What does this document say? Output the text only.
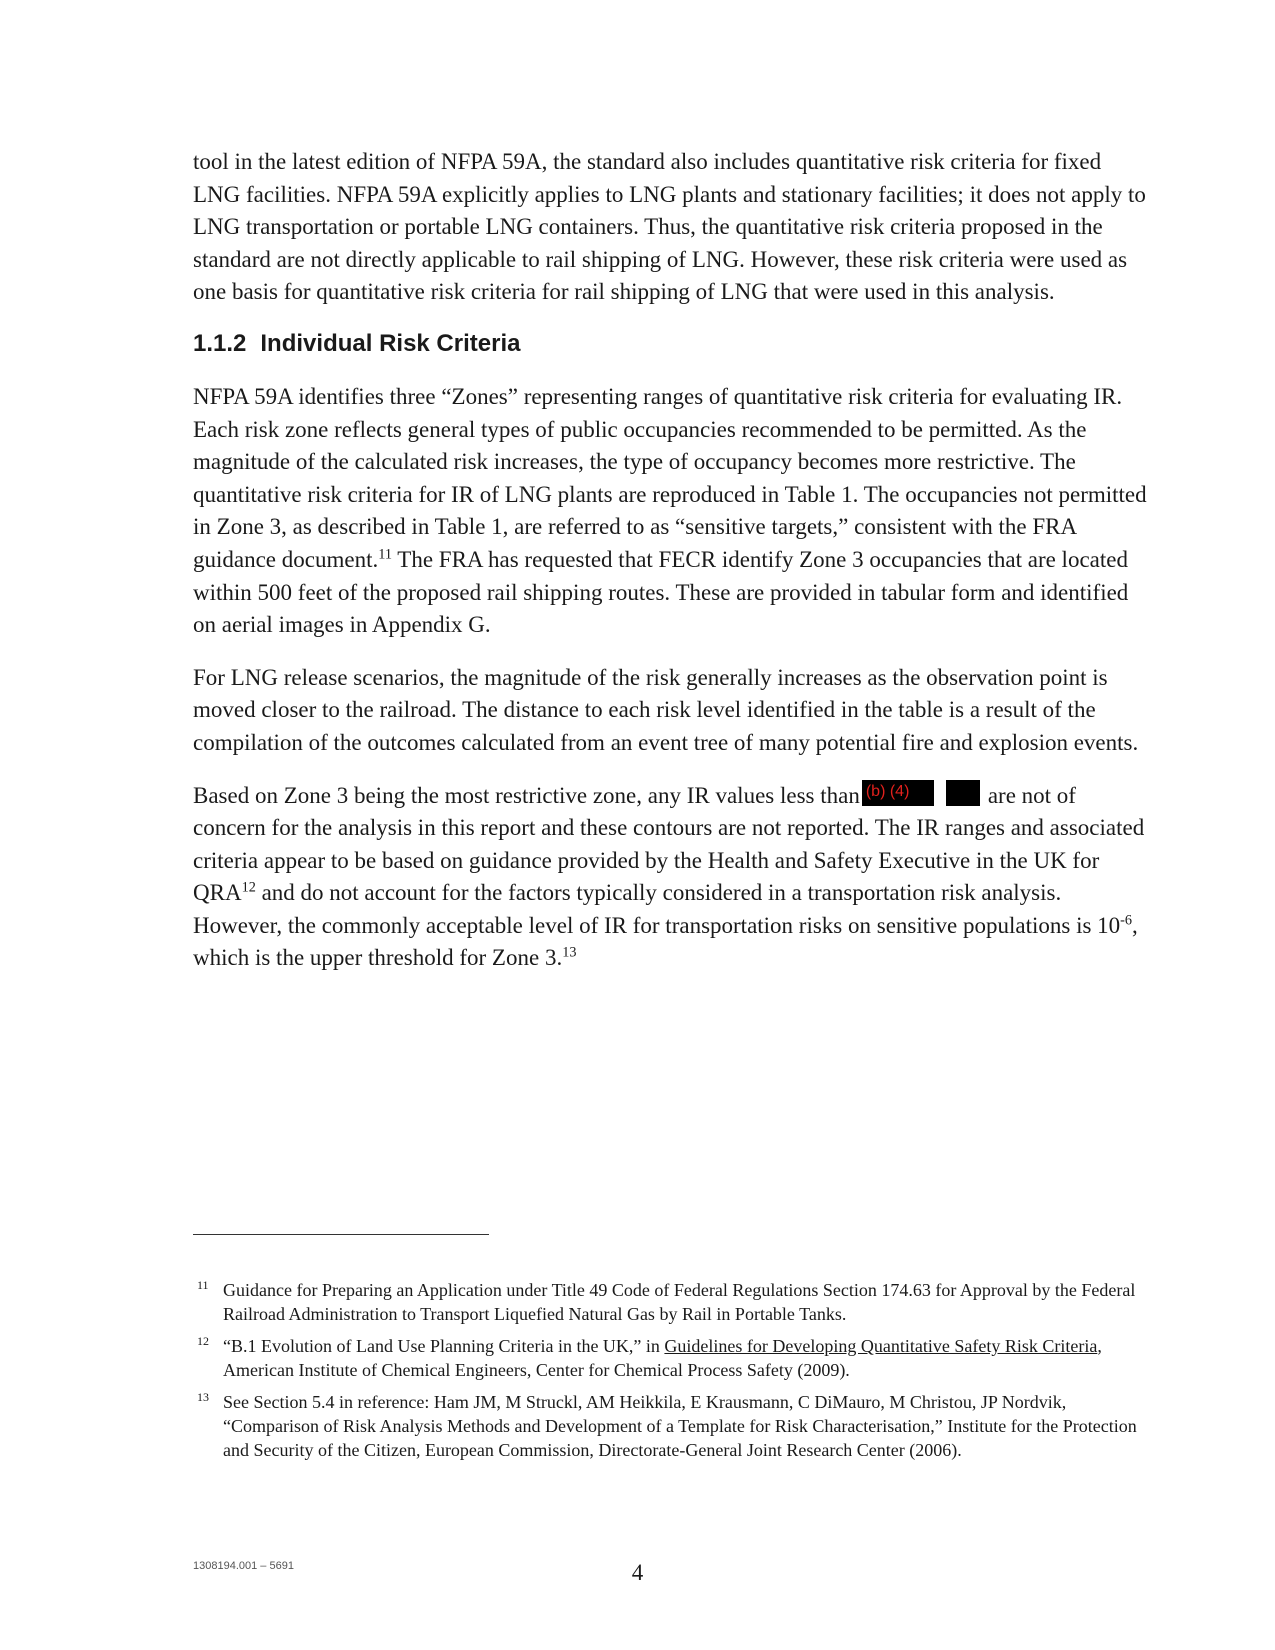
tool in the latest edition of NFPA 59A, the standard also includes quantitative risk criteria for fixed LNG facilities. NFPA 59A explicitly applies to LNG plants and stationary facilities; it does not apply to LNG transportation or portable LNG containers. Thus, the quantitative risk criteria proposed in the standard are not directly applicable to rail shipping of LNG. However, these risk criteria were used as one basis for quantitative risk criteria for rail shipping of LNG that were used in this analysis.

1.1.2 Individual Risk Criteria

NFPA 59A identifies three “Zones” representing ranges of quantitative risk criteria for evaluating IR. Each risk zone reflects general types of public occupancies recommended to be permitted. As the magnitude of the calculated risk increases, the type of occupancy becomes more restrictive. The quantitative risk criteria for IR of LNG plants are reproduced in Table 1. The occupancies not permitted in Zone 3, as described in Table 1, are referred to as “sensitive targets,” consistent with the FRA guidance document.$^{11}$ The FRA has requested that FECR identify Zone 3 occupancies that are located within 500 feet of the proposed rail shipping routes. These are provided in tabular form and identified on aerial images in Appendix G.

For LNG release scenarios, the magnitude of the risk generally increases as the observation point is moved closer to the railroad. The distance to each risk level identified in the table is a result of the compilation of the outcomes calculated from an event tree of many potential fire and explosion events.

Based on Zone 3 being the most restrictive zone, any IR values less than (b) (4)	are not of concern for the analysis in this report and these contours are not reported. The IR ranges and associated criteria appear to be based on guidance provided by the Health and Safety Executive in the UK for QRA$^{12}$ and do not account for the factors typically considered in a transportation risk analysis. However, the commonly acceptable level of IR for transportation risks on sensitive populations is $10^{-6}$, which is the upper threshold for Zone 3.13

11 Guidance for Preparing an Application under Title 49 Code of Federal Regulations Section 174.63 for Approval by the Federal Railroad Administration to Transport Liquefied Natural Gas by Rail in Portable Tanks.
12 “B.1 Evolution of Land Use Planning Criteria in the UK,” in Guidelines for Developing Quantitative Safety Risk Criteria, American Institute of Chemical Engineers, Center for Chemical Process Safety (2009).
13 See Section 5.4 in reference: Ham JM, M Struckl, AM Heikkila, E Krausmann, C DiMauro, M Christou, JP Nordvik, “Comparison of Risk Analysis Methods and Development of a Template for Risk Characterisation,” Institute for the Protection and Security of the Citizen, European Commission, Directorate-General Joint Research Center (2006).
1308194.001 – 5691	4
